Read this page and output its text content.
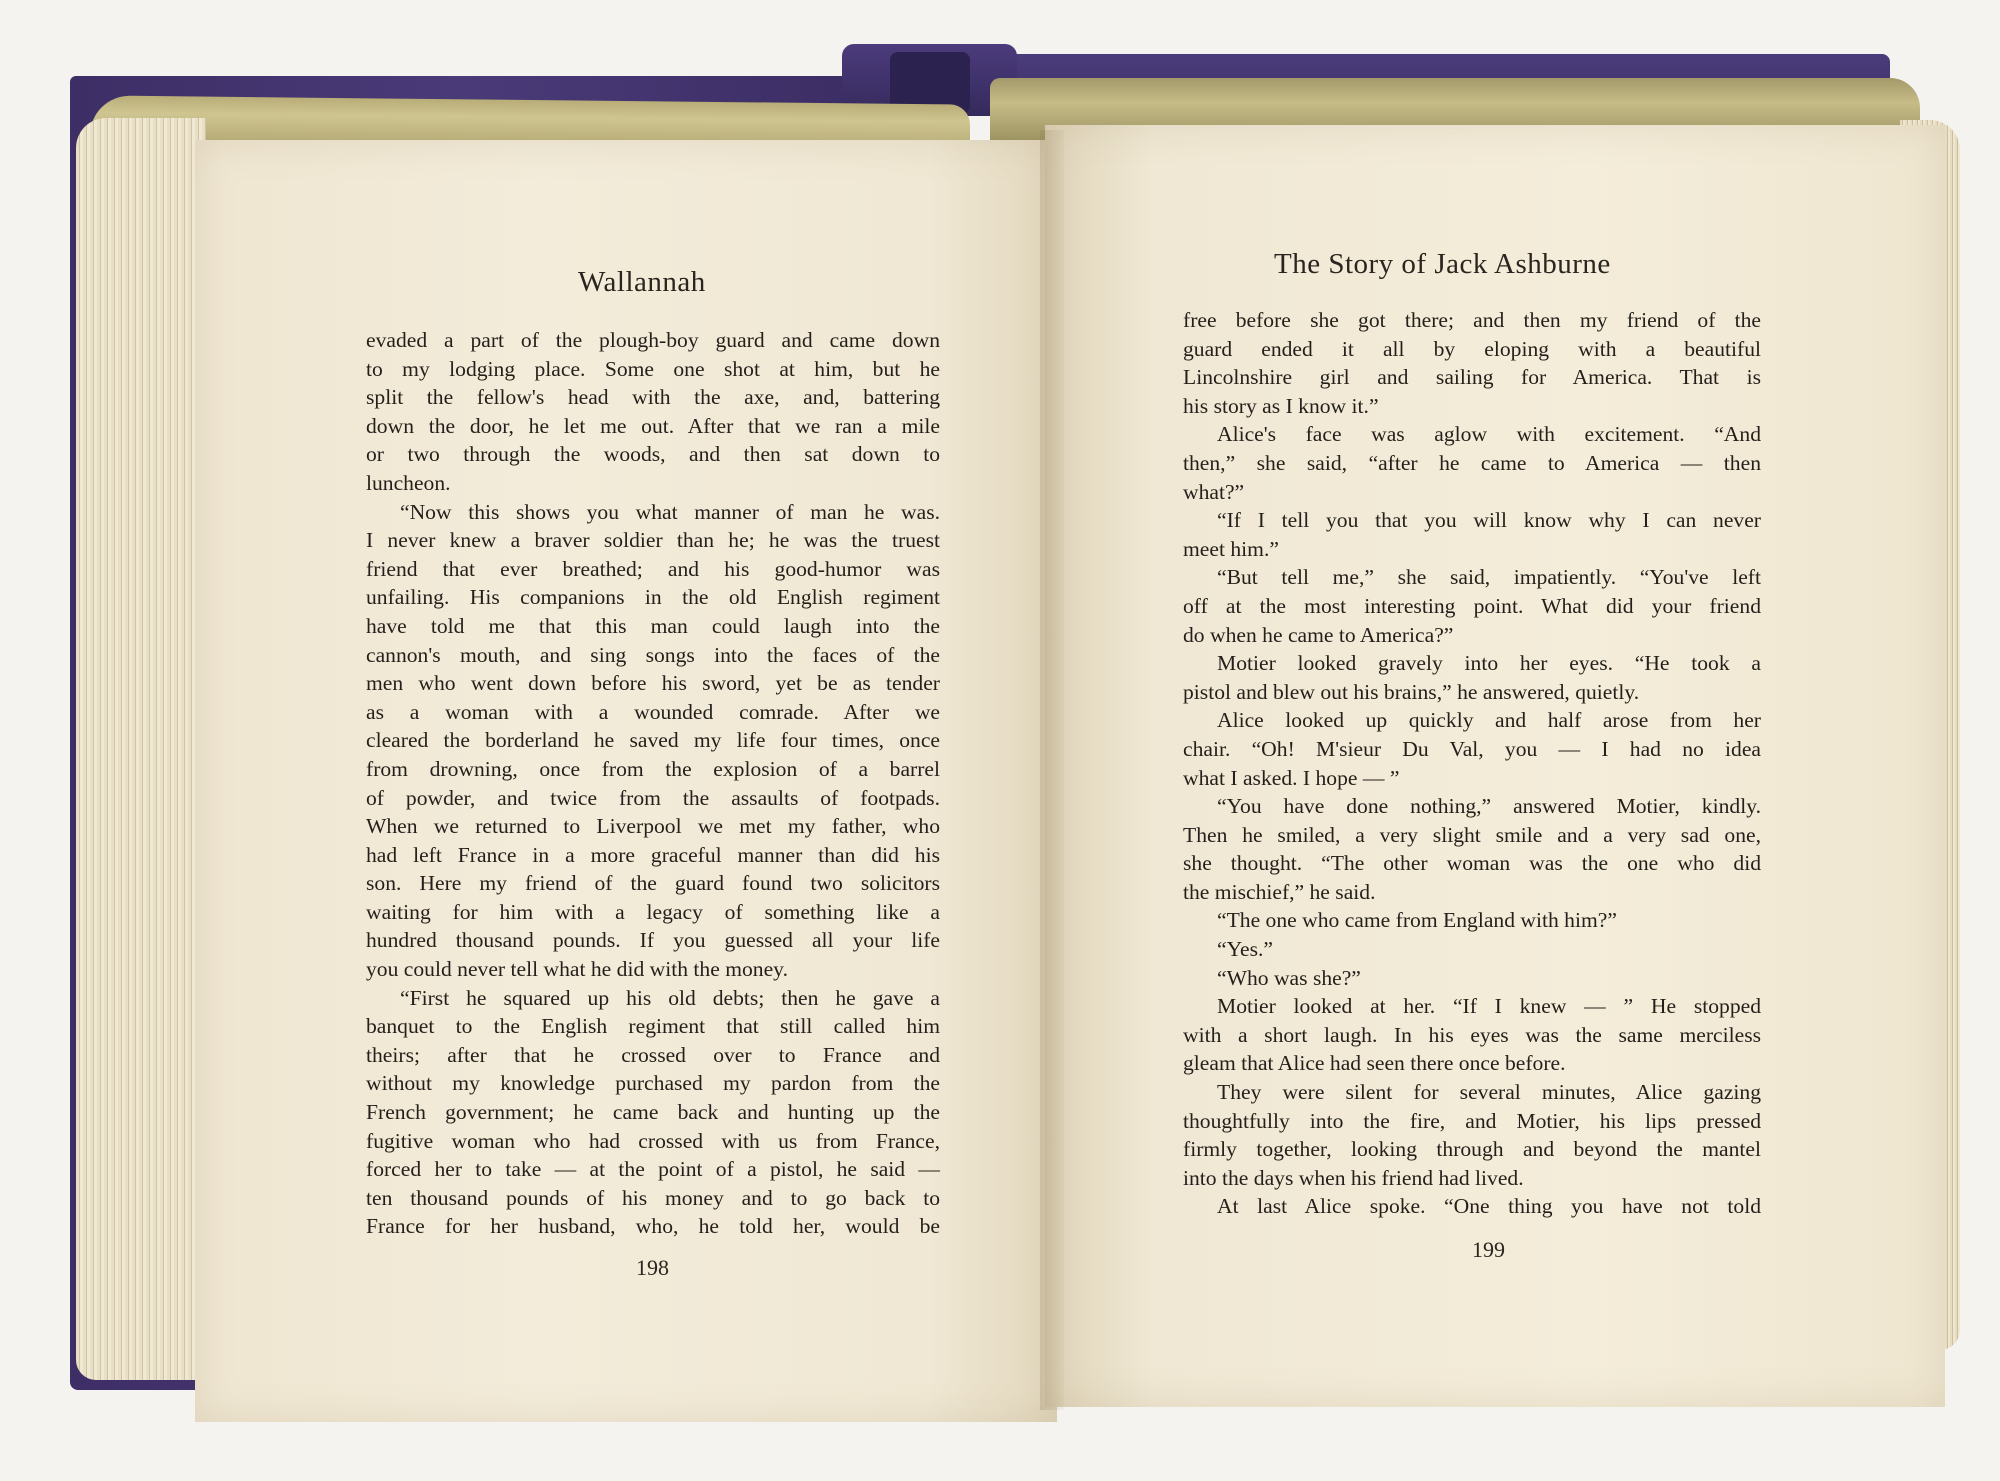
Wallannah
evaded a part of the plough-boy guard and came down
to my lodging place. Some one shot at him, but he
split the fellow's head with the axe, and, battering
down the door, he let me out. After that we ran a mile
or two through the woods, and then sat down to
luncheon.
“Now this shows you what manner of man he was.
I never knew a braver soldier than he; he was the truest
friend that ever breathed; and his good-humor was
unfailing. His companions in the old English regiment
have told me that this man could laugh into the
cannon's mouth, and sing songs into the faces of the
men who went down before his sword, yet be as tender
as a woman with a wounded comrade. After we
cleared the borderland he saved my life four times, once
from drowning, once from the explosion of a barrel
of powder, and twice from the assaults of footpads.
When we returned to Liverpool we met my father, who
had left France in a more graceful manner than did his
son. Here my friend of the guard found two solicitors
waiting for him with a legacy of something like a
hundred thousand pounds. If you guessed all your life
you could never tell what he did with the money.
“First he squared up his old debts; then he gave a
banquet to the English regiment that still called him
theirs; after that he crossed over to France and
without my knowledge purchased my pardon from the
French government; he came back and hunting up the
fugitive woman who had crossed with us from France,
forced her to take — at the point of a pistol, he said —
ten thousand pounds of his money and to go back to
France for her husband, who, he told her, would be
198
The Story of Jack Ashburne
free before she got there; and then my friend of the
guard ended it all by eloping with a beautiful
Lincolnshire girl and sailing for America. That is
his story as I know it.”
Alice's face was aglow with excitement. “And
then,” she said, “after he came to America — then
what?”
“If I tell you that you will know why I can never
meet him.”
“But tell me,” she said, impatiently. “You've left
off at the most interesting point. What did your friend
do when he came to America?”
Motier looked gravely into her eyes. “He took a
pistol and blew out his brains,” he answered, quietly.
Alice looked up quickly and half arose from her
chair. “Oh! M'sieur Du Val, you — I had no idea
what I asked. I hope — ”
“You have done nothing,” answered Motier, kindly.
Then he smiled, a very slight smile and a very sad one,
she thought. “The other woman was the one who did
the mischief,” he said.
“The one who came from England with him?”
“Yes.”
“Who was she?”
Motier looked at her. “If I knew — ” He stopped
with a short laugh. In his eyes was the same merciless
gleam that Alice had seen there once before.
They were silent for several minutes, Alice gazing
thoughtfully into the fire, and Motier, his lips pressed
firmly together, looking through and beyond the mantel
into the days when his friend had lived.
At last Alice spoke. “One thing you have not told
199
